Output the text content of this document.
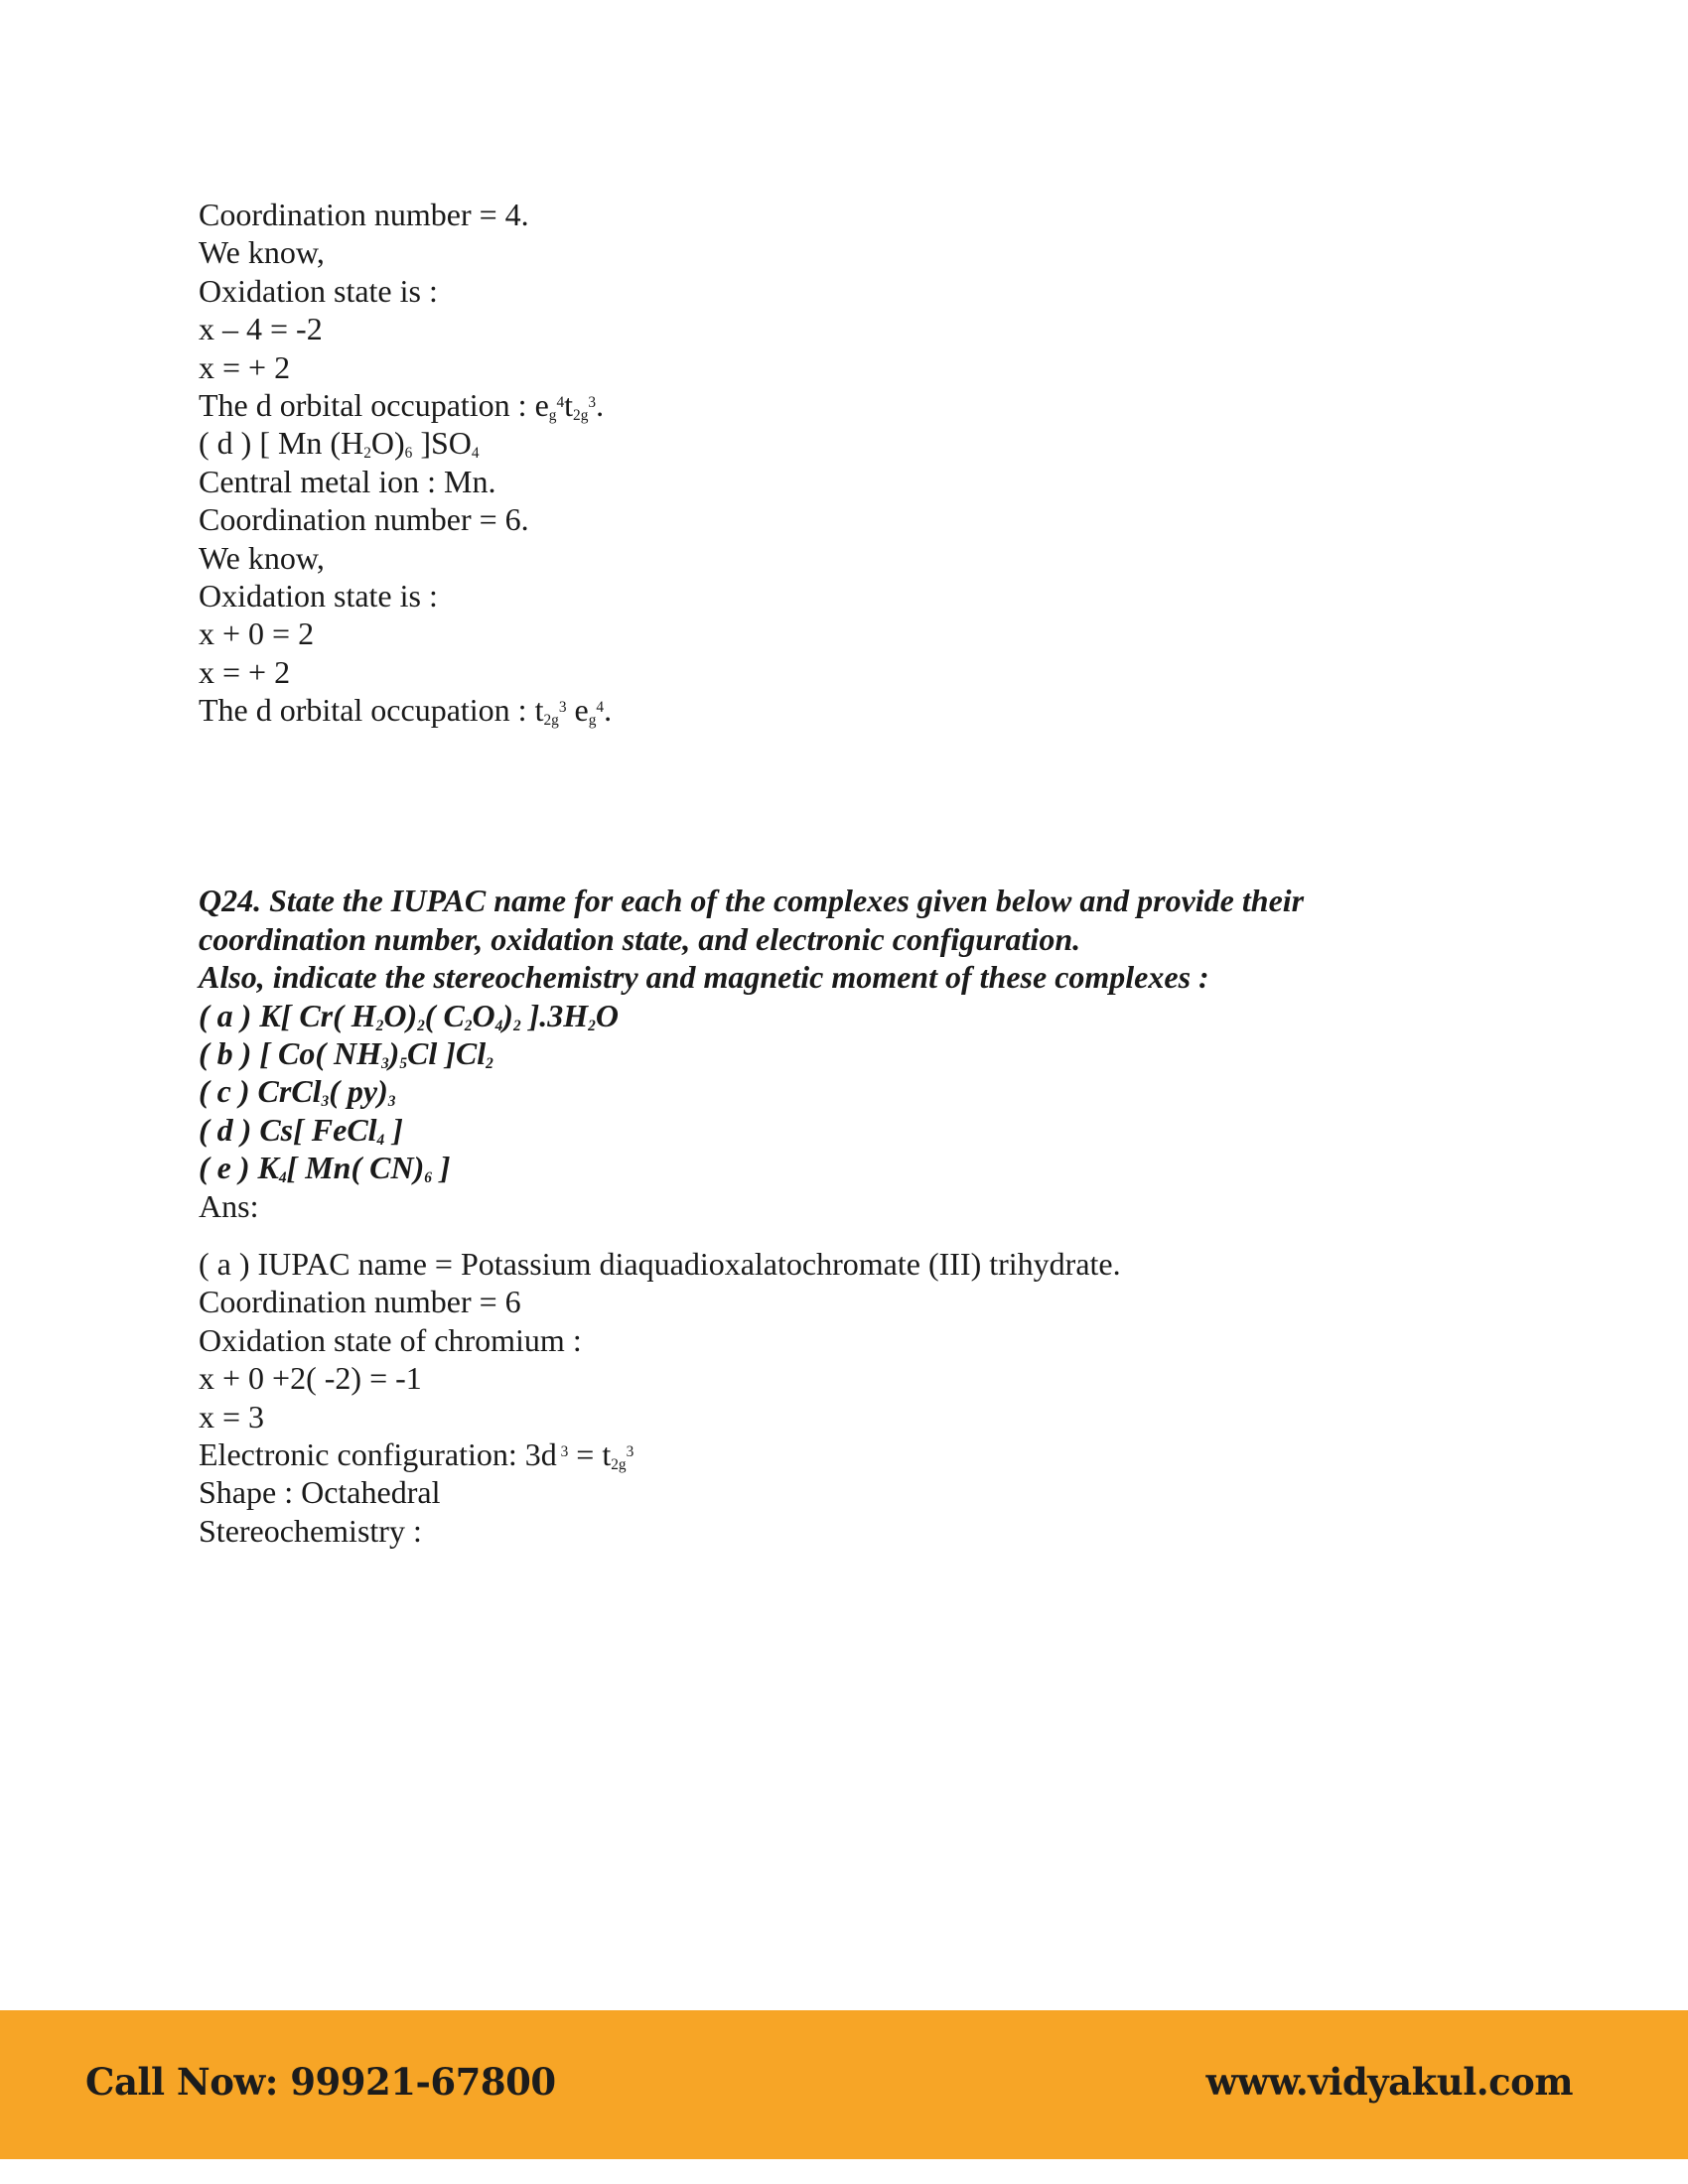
Coordination number = 4.
We know,
Oxidation state is :
x – 4 = -2
x = + 2
The d orbital occupation : $e_g^4t_{2g}^3$.
( d ) [ Mn $(H_2O)_6$ ]$SO_4$
Central metal ion : Mn.
Coordination number = 6.
We know,
Oxidation state is :
x + 0 = 2
x = + 2
The d orbital occupation : $t_{2g}^3$ $e_g^4$.
Q24. State the IUPAC name for each of the complexes given below and provide their
coordination number, oxidation state, and electronic configuration.
Also, indicate the stereochemistry and magnetic moment of these complexes :
( a ) K[ Cr( $H_2O)_2$( $C_2O_4)_2$ ]$.3H_2O$
( b ) [ Co( $NH_3)_5Cl$ ]$Cl_2$
( c ) CrCl$_3$( $py)_3$
( d ) Cs[ FeCl$_4$ ]
( e ) $K_4$[ Mn( $CN)_6$ ]
Ans:
( a ) IUPAC name = Potassium diaquadioxalatochromate (III) trihydrate.
Coordination number = 6
Oxidation state of chromium :
x + 0 +2( -2) = -1
x = 3
Electronic configuration: 3d $^3 = t_{2g}^3$
Shape : Octahedral
Stereochemistry :
Call Now: 99921-67800	www.vidyakul.com
